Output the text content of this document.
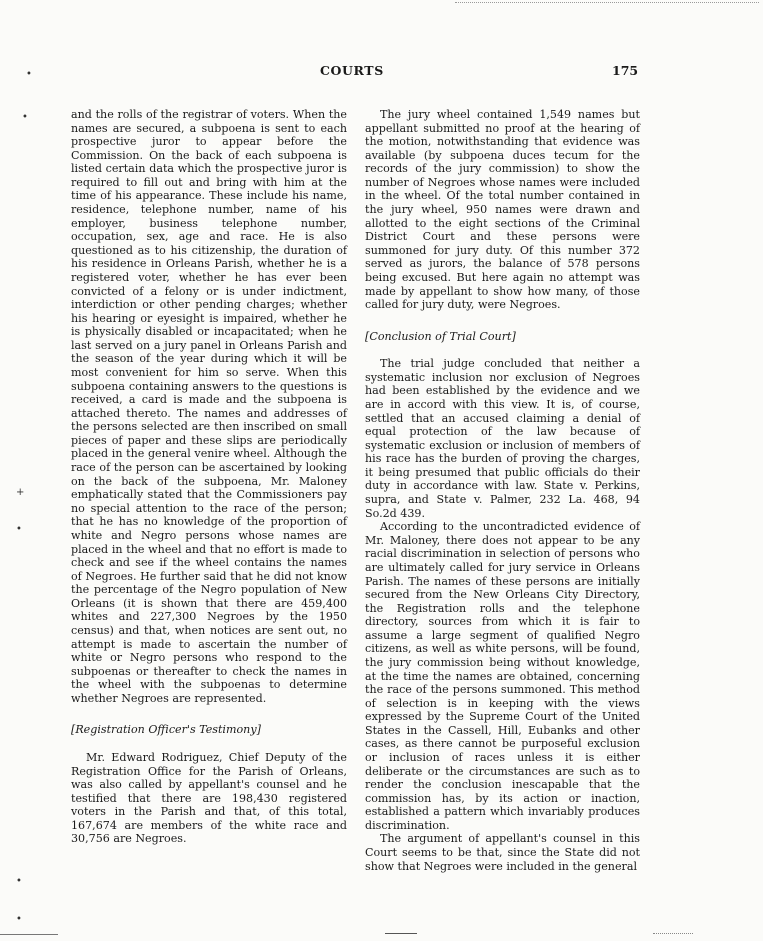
COURTS	175

and the rolls of the registrar of voters. When the names are secured, a subpoena is sent to each prospective juror to appear before the Commission. On the back of each subpoena is listed certain data which the prospective juror is required to fill out and bring with him at the time of his appearance. These include his name, residence, telephone number, name of his employer, business telephone number, occupation, sex, age and race. He is also questioned as to his citizenship, the duration of his residence in Orleans Parish, whether he is a registered voter, whether he has ever been convicted of a felony or is under indictment, interdiction or other pending charges; whether his hearing or eyesight is impaired, whether he is physically disabled or incapacitated; when he last served on a jury panel in Orleans Parish and the season of the year during which it will be most convenient for him so serve. When this subpoena containing answers to the questions is received, a card is made and the subpoena is attached thereto. The names and addresses of the persons selected are then inscribed on small pieces of paper and these slips are periodically placed in the general venire wheel. Although the race of the person can be ascertained by looking on the back of the subpoena, Mr. Maloney emphatically stated that the Commissioners pay no special attention to the race of the person; that he has no knowledge of the proportion of white and Negro persons whose names are placed in the wheel and that no effort is made to check and see if the wheel contains the names of Negroes. He further said that he did not know the percentage of the Negro population of New Orleans (it is shown that there are 459,400 whites and 227,300 Negroes by the 1950 census) and that, when notices are sent out, no attempt is made to ascertain the number of white or Negro persons who respond to the subpoenas or thereafter to check the names in the wheel with the subpoenas to determine whether Negroes are represented.

[Registration Officer's Testimony]

Mr. Edward Rodriguez, Chief Deputy of the Registration Office for the Parish of Orleans, was also called by appellant's counsel and he testified that there are 198,430 registered voters in the Parish and that, of this total, 167,674 are members of the white race and 30,756 are Negroes.

The jury wheel contained 1,549 names but appellant submitted no proof at the hearing of the motion, notwithstanding that evidence was available (by subpoena duces tecum for the records of the jury commission) to show the number of Negroes whose names were included in the wheel. Of the total number contained in the jury wheel, 950 names were drawn and allotted to the eight sections of the Criminal District Court and these persons were summoned for jury duty. Of this number 372 served as jurors, the balance of 578 persons being excused. But here again no attempt was made by appellant to show how many, of those called for jury duty, were Negroes.

[Conclusion of Trial Court]

The trial judge concluded that neither a systematic inclusion nor exclusion of Negroes had been established by the evidence and we are in accord with this view. It is, of course, settled that an accused claiming a denial of equal protection of the law because of systematic exclusion or inclusion of members of his race has the burden of proving the charges, it being presumed that public officials do their duty in accordance with law. State v. Perkins, supra, and State v. Palmer, 232 La. 468, 94 So.2d 439.

According to the uncontradicted evidence of Mr. Maloney, there does not appear to be any racial discrimination in selection of persons who are ultimately called for jury service in Orleans Parish. The names of these persons are initially secured from the New Orleans City Directory, the Registration rolls and the telephone directory, sources from which it is fair to assume a large segment of qualified Negro citizens, as well as white persons, will be found, the jury commission being without knowledge, at the time the names are obtained, concerning the race of the persons summoned. This method of selection is in keeping with the views expressed by the Supreme Court of the United States in the Cassell, Hill, Eubanks and other cases, as there cannot be purposeful exclusion or inclusion of races unless it is either deliberate or the circumstances are such as to render the conclusion inescapable that the commission has, by its action or inaction, established a pattern which invariably produces discrimination.

The argument of appellant's counsel in this Court seems to be that, since the State did not show that Negroes were included in the general

•
•
+
•
•
•
